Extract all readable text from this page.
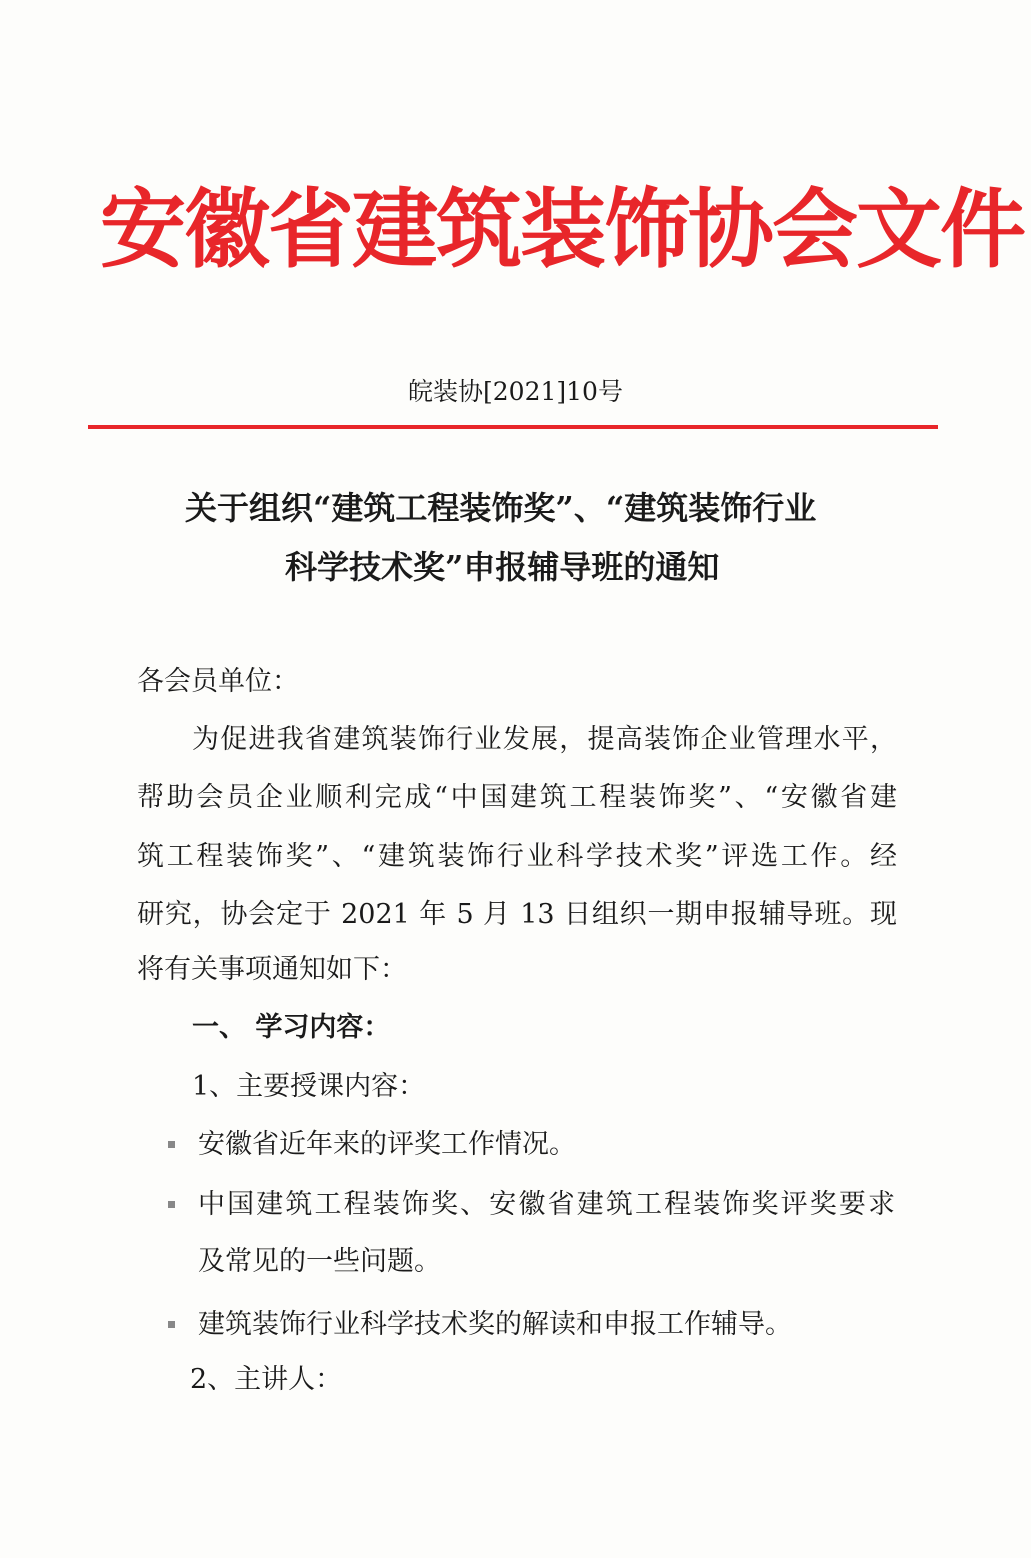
安徽省建筑装饰协会文件
皖装协[2021]10号
关于组织“建筑工程装饰奖”、“建筑装饰行业
科学技术奖”申报辅导班的通知
各会员单位：
为促进我省建筑装饰行业发展，提高装饰企业管理水平，
帮助会员企业顺利完成“中国建筑工程装饰奖”、“安徽省建
筑工程装饰奖”、“建筑装饰行业科学技术奖”评选工作。经
研究，协会定于 2021 年 5 月 13 日组织一期申报辅导班。现
将有关事项通知如下：
一、 学习内容：
1、主要授课内容：
安徽省近年来的评奖工作情况。
中国建筑工程装饰奖、安徽省建筑工程装饰奖评奖要求
及常见的一些问题。
建筑装饰行业科学技术奖的解读和申报工作辅导。
2、主讲人：
